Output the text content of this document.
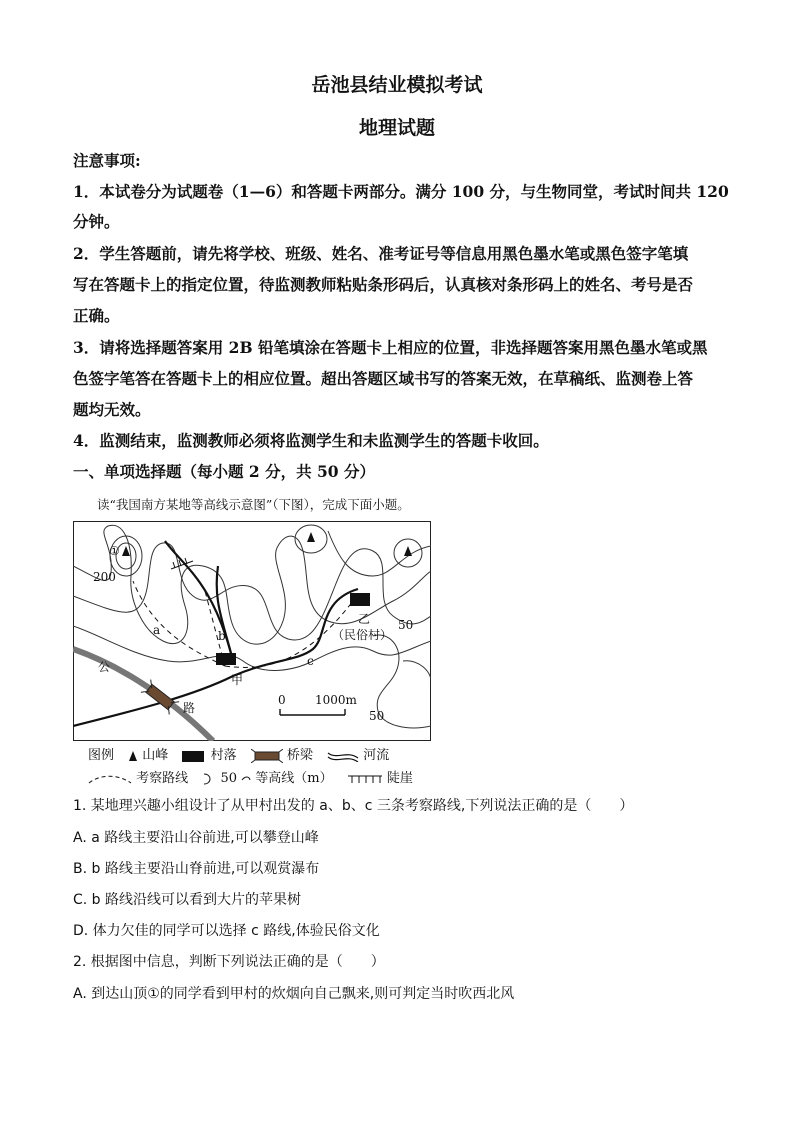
岳池县结业模拟考试
地理试题
注意事项:
1．本试卷分为试题卷（1—6）和答题卡两部分。满分 100 分，与生物同堂，考试时间共 120
分钟。
2．学生答题前，请先将学校、班级、姓名、准考证号等信息用黑色墨水笔或黑色签字笔填
写在答题卡上的指定位置，待监测教师粘贴条形码后，认真核对条形码上的姓名、考号是否
正确。
3．请将选择题答案用 2B 铅笔填涂在答题卡上相应的位置，非选择题答案用黑色墨水笔或黑
色签字笔答在答题卡上的相应位置。超出答题区域书写的答案无效，在草稿纸、监测卷上答
题均无效。
4．监测结束，监测教师必须将监测学生和未监测学生的答题卡收回。
一、单项选择题（每小题 2 分，共 50 分）
读“我国南方某地等高线示意图”（下图），完成下面小题。
①
200
50
50
a	b
c
甲
乙
（民俗村）
公
路
0 1000m
图例 山峰	村落	桥梁	河流
考察路线 50 等高线（m）	陡崖
1. 某地理兴趣小组设计了从甲村出发的 a、b、c 三条考察路线,下列说法正确的是（　　）
A. a 路线主要沿山谷前进,可以攀登山峰
B. b 路线主要沿山脊前进,可以观赏瀑布
C. b 路线沿线可以看到大片的苹果树
D. 体力欠佳的同学可以选择 c 路线,体验民俗文化
2. 根据图中信息，判断下列说法正确的是（　　）
A. 到达山顶①的同学看到甲村的炊烟向自己飘来,则可判定当时吹西北风
